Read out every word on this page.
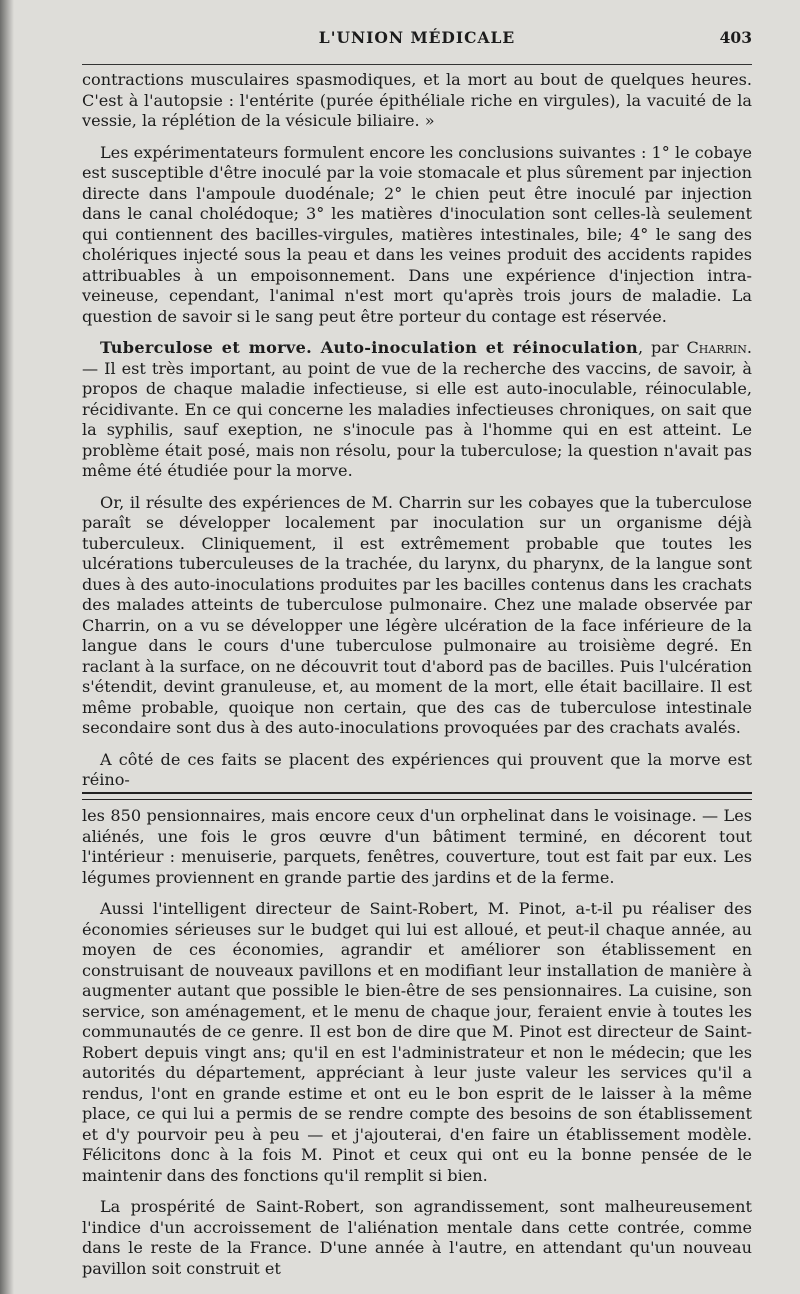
L'UNION MÉDICALE	403

contractions musculaires spasmodiques, et la mort au bout de quelques heures. C'est à l'autopsie : l'entérite (purée épithéliale riche en virgules), la vacuité de la vessie, la réplétion de la vésicule biliaire. »

Les expérimentateurs formulent encore les conclusions suivantes : 1° le cobaye est susceptible d'être inoculé par la voie stomacale et plus sûrement par injection directe dans l'ampoule duodénale; 2° le chien peut être inoculé par injection dans le canal cholédoque; 3° les matières d'inoculation sont celles-là seulement qui contiennent des bacilles-virgules, matières intestinales, bile; 4° le sang des cholériques injecté sous la peau et dans les veines produit des accidents rapides attribuables à un empoisonnement. Dans une expérience d'injection intra-veineuse, cependant, l'animal n'est mort qu'après trois jours de maladie. La question de savoir si le sang peut être porteur du contage est réservée.

Tuberculose et morve. Auto-inoculation et réinoculation, par Charrin. — Il est très important, au point de vue de la recherche des vaccins, de savoir, à propos de chaque maladie infectieuse, si elle est auto-inoculable, réinoculable, récidivante. En ce qui concerne les maladies infectieuses chroniques, on sait que la syphilis, sauf exeption, ne s'inocule pas à l'homme qui en est atteint. Le problème était posé, mais non résolu, pour la tuberculose; la question n'avait pas même été étudiée pour la morve.

Or, il résulte des expériences de M. Charrin sur les cobayes que la tuberculose paraît se développer localement par inoculation sur un organisme déjà tuberculeux. Cliniquement, il est extrêmement probable que toutes les ulcérations tuberculeuses de la trachée, du larynx, du pharynx, de la langue sont dues à des auto-inoculations produites par les bacilles contenus dans les crachats des malades atteints de tuberculose pulmonaire. Chez une malade observée par Charrin, on a vu se développer une légère ulcération de la face inférieure de la langue dans le cours d'une tuberculose pulmonaire au troisième degré. En raclant à la surface, on ne découvrit tout d'abord pas de bacilles. Puis l'ulcération s'étendit, devint granuleuse, et, au moment de la mort, elle était bacillaire. Il est même probable, quoique non certain, que des cas de tuberculose intestinale secondaire sont dus à des auto-inoculations provoquées par des crachats avalés.

A côté de ces faits se placent des expériences qui prouvent que la morve est réino-

les 850 pensionnaires, mais encore ceux d'un orphelinat dans le voisinage. — Les aliénés, une fois le gros œuvre d'un bâtiment terminé, en décorent tout l'intérieur : menuiserie, parquets, fenêtres, couverture, tout est fait par eux. Les légumes proviennent en grande partie des jardins et de la ferme.

Aussi l'intelligent directeur de Saint-Robert, M. Pinot, a-t-il pu réaliser des économies sérieuses sur le budget qui lui est alloué, et peut-il chaque année, au moyen de ces économies, agrandir et améliorer son établissement en construisant de nouveaux pavillons et en modifiant leur installation de manière à augmenter autant que possible le bien-être de ses pensionnaires. La cuisine, son service, son aménagement, et le menu de chaque jour, feraient envie à toutes les communautés de ce genre. Il est bon de dire que M. Pinot est directeur de Saint-Robert depuis vingt ans; qu'il en est l'administrateur et non le médecin; que les autorités du département, appréciant à leur juste valeur les services qu'il a rendus, l'ont en grande estime et ont eu le bon esprit de le laisser à la même place, ce qui lui a permis de se rendre compte des besoins de son établissement et d'y pourvoir peu à peu — et j'ajouterai, d'en faire un établissement modèle. Félicitons donc à la fois M. Pinot et ceux qui ont eu la bonne pensée de le maintenir dans des fonctions qu'il remplit si bien.

La prospérité de Saint-Robert, son agrandissement, sont malheureusement l'indice d'un accroissement de l'aliénation mentale dans cette contrée, comme dans le reste de la France. D'une année à l'autre, en attendant qu'un nouveau pavillon soit construit et
